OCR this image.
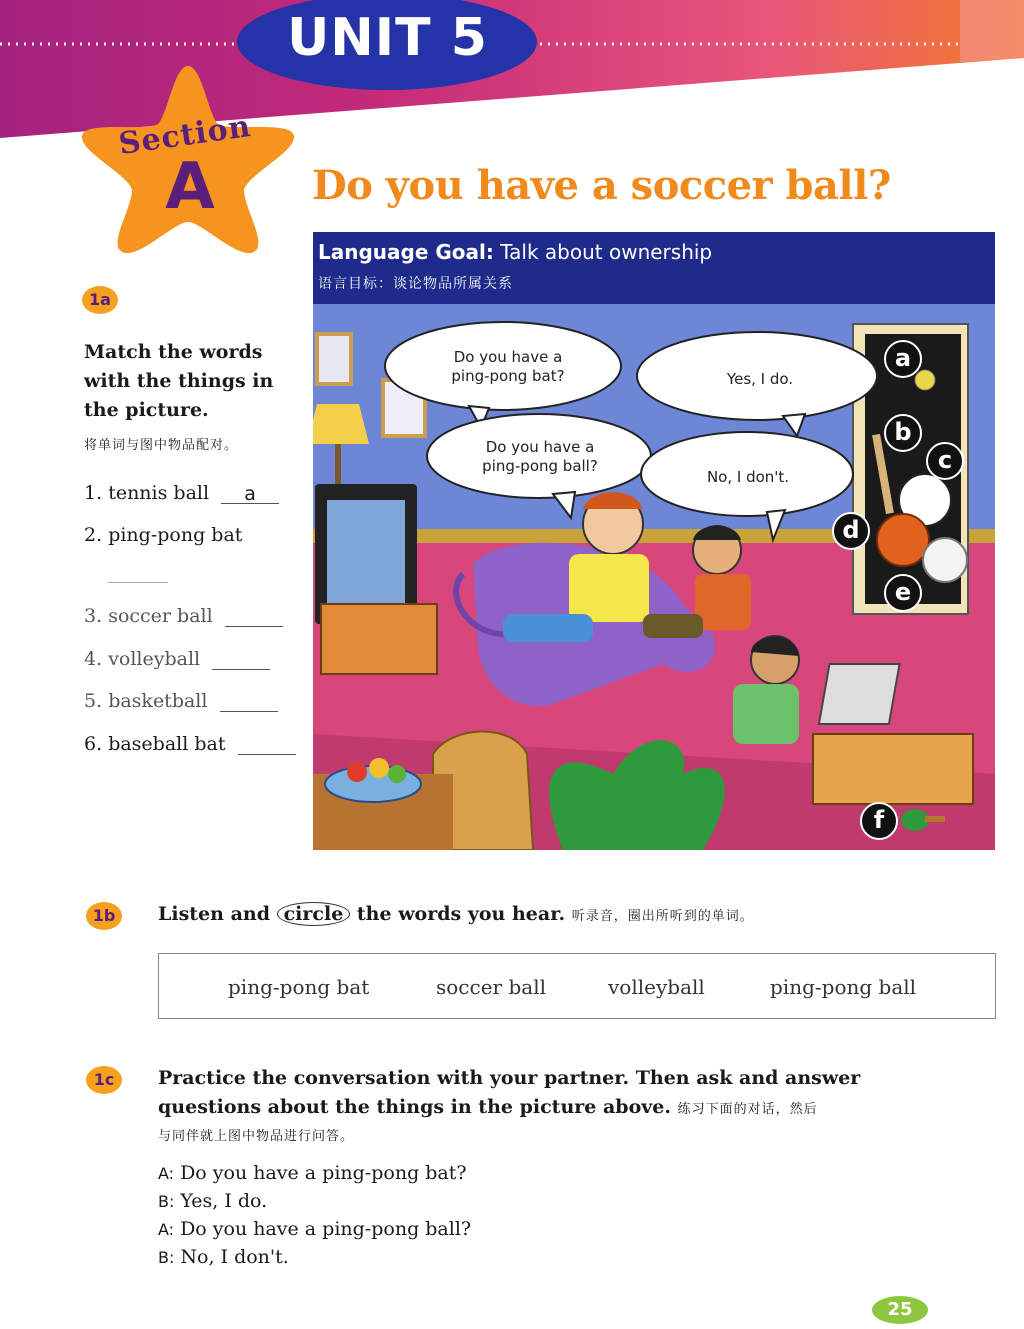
UNIT 5
Section
A	Do you have a soccer ball?
1a
Match the words with the things in the picture.
将单词与图中物品配对。
1. tennis ball a
2. ping-pong bat
3. soccer ball
4. volleyball
5. basketball
6. baseball bat
Language Goal: Talk about ownership
语言目标：谈论物品所属关系
Do you have a
ping-pong bat?	Yes, I do.
Do you have a
ping-pong ball?
No, I don't.
a
b
c
d
e
f
1b	Listen and circle the words you hear. 听录音，圈出所听到的单词。
ping-pong bat	soccer ball	volleyball	ping-pong ball
1c	Practice the conversation with your partner. Then ask and answer questions about the things in the picture above. 练习下面的对话，然后
与同伴就上图中物品进行问答。
A: Do you have a ping-pong bat?
B: Yes, I do.
A: Do you have a ping-pong ball?
B: No, I don't.
25
